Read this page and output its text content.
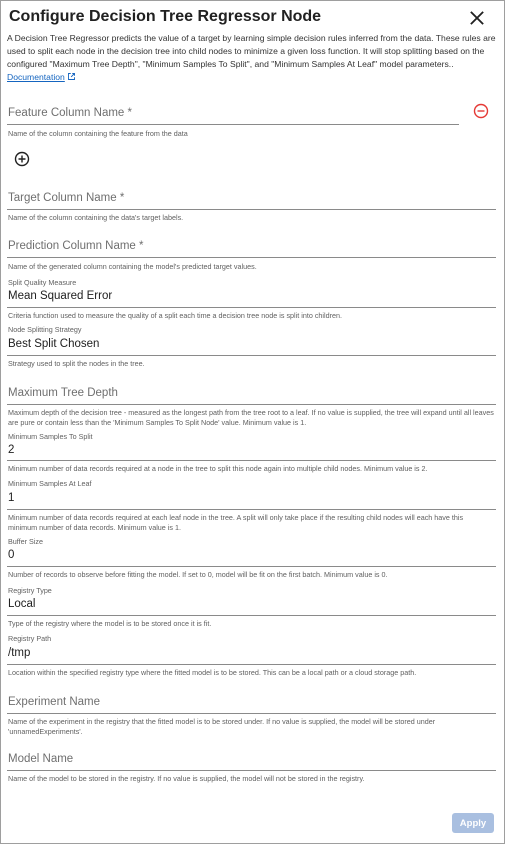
Configure Decision Tree Regressor Node
A Decision Tree Regressor predicts the value of a target by learning simple decision rules inferred from the data. These rules are used to split each node in the decision tree into child nodes to minimize a given loss function. It will stop splitting based on the configured "Maximum Tree Depth", "Minimum Samples To Split", and "Minimum Samples At Leaf" model parameters..
Documentation
Feature Column Name *
Name of the column containing the feature from the data
Target Column Name *
Name of the column containing the data's target labels.
Prediction Column Name *
Name of the generated column containing the model's predicted target values.
Split Quality Measure
Mean Squared Error
Criteria function used to measure the quality of a split each time a decision tree node is split into children.
Node Splitting Strategy
Best Split Chosen
Strategy used to split the nodes in the tree.
Maximum Tree Depth
Maximum depth of the decision tree - measured as the longest path from the tree root to a leaf. If no value is supplied, the tree will expand until all leaves are pure or contain less than the 'Minimum Samples To Split Node' value. Minimum value is 1.
Minimum Samples To Split
2
Minimum number of data records required at a node in the tree to split this node again into multiple child nodes. Minimum value is 2.
Minimum Samples At Leaf
1
Minimum number of data records required at each leaf node in the tree. A split will only take place if the resulting child nodes will each have this minimum number of data records. Minimum value is 1.
Buffer Size
0
Number of records to observe before fitting the model. If set to 0, model will be fit on the first batch. Minimum value is 0.
Registry Type
Local
Type of the registry where the model is to be stored once it is fit.
Registry Path
/tmp
Location within the specified registry type where the fitted model is to be stored. This can be a local path or a cloud storage path.
Experiment Name
Name of the experiment in the registry that the fitted model is to be stored under. If no value is supplied, the model will be stored under 'unnamedExperiments'.
Model Name
Name of the model to be stored in the registry. If no value is supplied, the model will not be stored in the registry.
Apply
